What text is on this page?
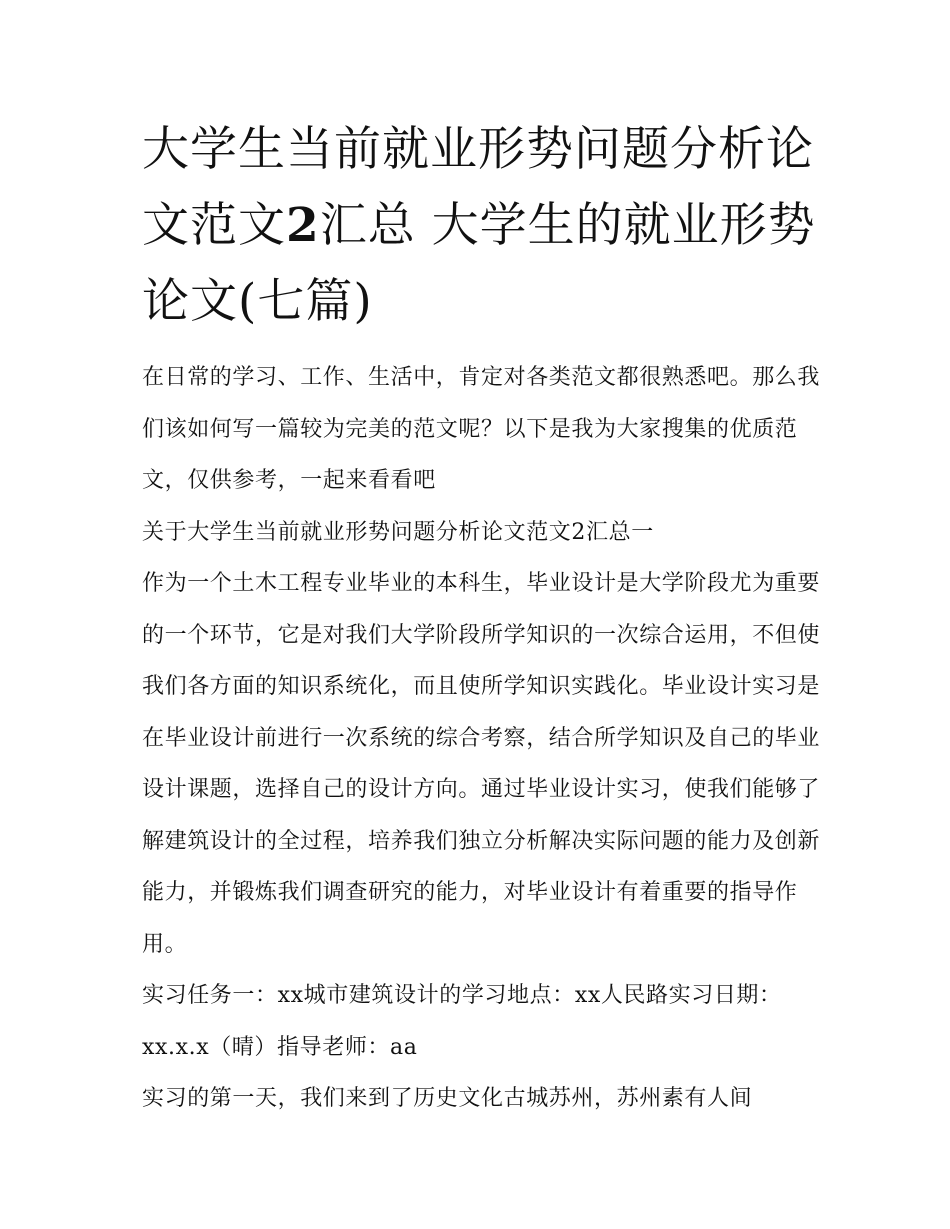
大学生当前就业形势问题分析论文范文2汇总 大学生的就业形势论文(七篇)

在日常的学习、工作、生活中，肯定对各类范文都很熟悉吧。那么我们该如何写一篇较为完美的范文呢？以下是我为大家搜集的优质范文，仅供参考，一起来看看吧

关于大学生当前就业形势问题分析论文范文2汇总一

作为一个土木工程专业毕业的本科生，毕业设计是大学阶段尤为重要的一个环节，它是对我们大学阶段所学知识的一次综合运用，不但使我们各方面的知识系统化，而且使所学知识实践化。毕业设计实习是在毕业设计前进行一次系统的综合考察，结合所学知识及自己的毕业设计课题，选择自己的设计方向。通过毕业设计实习，使我们能够了解建筑设计的全过程，培养我们独立分析解决实际问题的能力及创新能力，并锻炼我们调查研究的能力，对毕业设计有着重要的指导作用。

实习任务一：xx城市建筑设计的学习地点：xx人民路实习日期：xx.x.x（晴）指导老师：aa

实习的第一天，我们来到了历史文化古城苏州，苏州素有人间
